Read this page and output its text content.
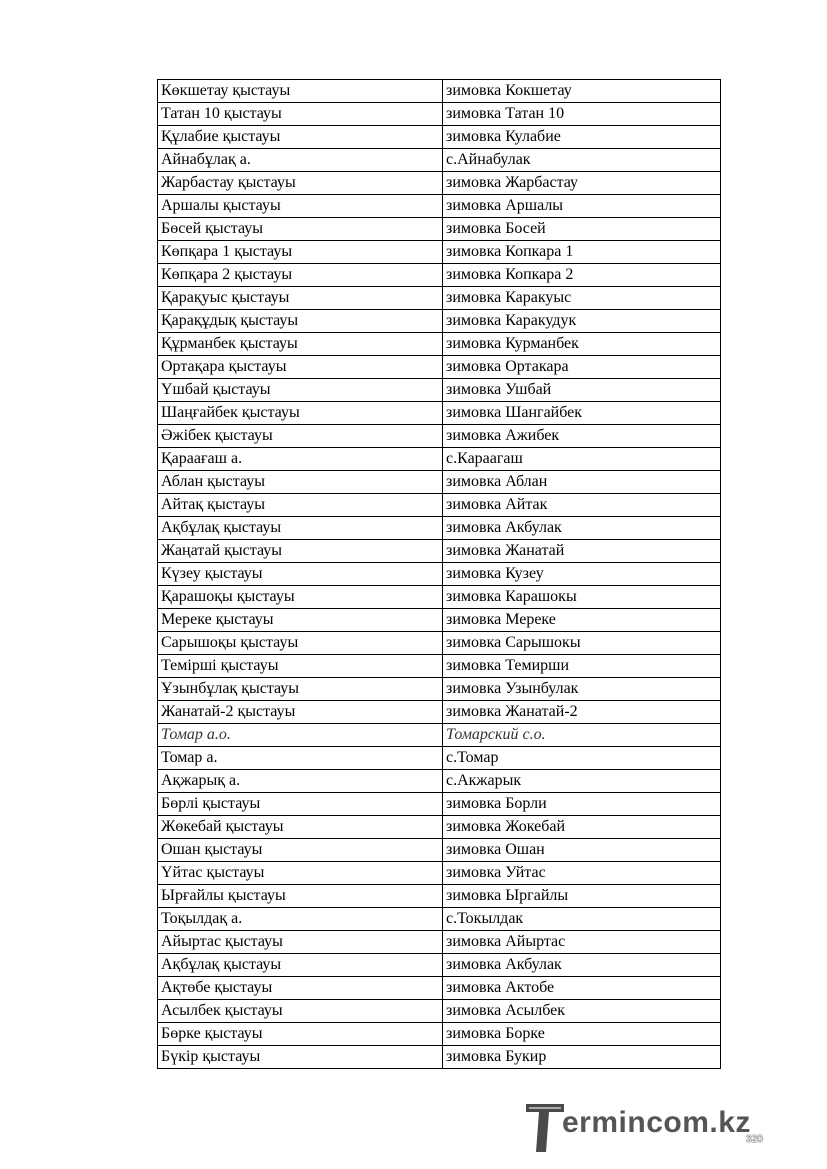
Көкшетау қыстауы	зимовка Кокшетау
Татан 10 қыстауы	зимовка Татан 10
Құлабие қыстауы	зимовка Кулабие
Айнабұлақ а.	с.Айнабулак
Жарбастау қыстауы	зимовка Жарбастау
Аршалы қыстауы	зимовка Аршалы
Бөсей қыстауы	зимовка Босей
Көпқара 1 қыстауы	зимовка Копкара 1
Көпқара 2 қыстауы	зимовка Копкара 2
Қарақуыс қыстауы	зимовка Каракуыс
Қарақұдық қыстауы	зимовка Каракудук
Құрманбек қыстауы	зимовка Курманбек
Ортақара қыстауы	зимовка Ортакара
Үшбай қыстауы	зимовка Ушбай
Шаңғайбек қыстауы	зимовка Шангайбек
Әжібек қыстауы	зимовка Ажибек
Қараағаш а.	с.Караагаш
Аблан қыстауы	зимовка Аблан
Айтақ қыстауы	зимовка Айтак
Ақбұлақ қыстауы	зимовка Акбулак
Жаңатай қыстауы	зимовка Жанатай
Күзеу қыстауы	зимовка Кузеу
Қарашоқы қыстауы	зимовка Карашокы
Мереке қыстауы	зимовка Мереке
Сарышоқы қыстауы	зимовка Сарышокы
Темірші қыстауы	зимовка Темирши
Ұзынбұлақ қыстауы	зимовка Узынбулак
Жанатай-2 қыстауы	зимовка Жанатай-2
Томар а.о.	Томарский с.о.
Томар а.	с.Томар
Ақжарық а.	с.Акжарык
Бөрлі қыстауы	зимовка Борли
Жөкебай қыстауы	зимовка Жокебай
Ошан қыстауы	зимовка Ошан
Үйтас қыстауы	зимовка Уйтас
Ырғайлы қыстауы	зимовка Ыргайлы
Тоқылдақ а.	с.Токылдак
Айыртас қыстауы	зимовка Айыртас
Ақбұлақ қыстауы	зимовка Акбулак
Ақтөбе қыстауы	зимовка Актобе
Асылбек қыстауы	зимовка Асылбек
Бөрке қыстауы	зимовка Борке
Бүкір қыстауы	зимовка Букир
ermincom.kz
320
